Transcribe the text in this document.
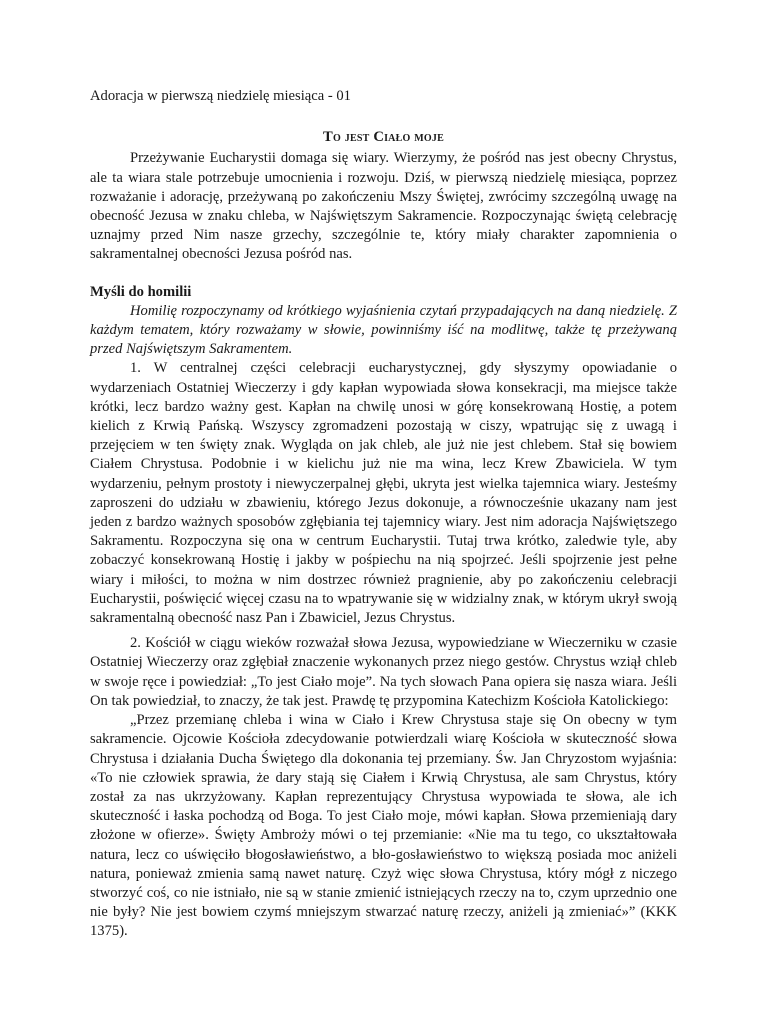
Adoracja w pierwszą niedzielę miesiąca - 01

To jest Ciało moje

Przeżywanie Eucharystii domaga się wiary. Wierzymy, że pośród nas jest obecny Chrystus, ale ta wiara stale potrzebuje umocnienia i rozwoju. Dziś, w pierwszą niedzielę miesiąca, poprzez rozważanie i adorację, przeżywaną po zakończeniu Mszy Świętej, zwrócimy szczególną uwagę na obecność Jezusa w znaku chleba, w Najświętszym Sakramencie. Rozpoczynając świętą celebrację uznajmy przed Nim nasze grzechy, szczególnie te, który miały charakter zapomnienia o sakramentalnej obecności Jezusa pośród nas.

Myśli do homilii

Homilię rozpoczynamy od krótkiego wyjaśnienia czytań przypadających na daną niedzielę. Z każdym tematem, który rozważamy w słowie, powinniśmy iść na modlitwę, także tę przeżywaną przed Najświętszym Sakramentem.

1. W centralnej części celebracji eucharystycznej, gdy słyszymy opowiadanie o wydarzeniach Ostatniej Wieczerzy i gdy kapłan wypowiada słowa konsekracji, ma miejsce także krótki, lecz bardzo ważny gest. Kapłan na chwilę unosi w górę konsekrowaną Hostię, a potem kielich z Krwią Pańską. Wszyscy zgromadzeni pozostają w ciszy, wpatrując się z uwagą i przejęciem w ten święty znak. Wygląda on jak chleb, ale już nie jest chlebem. Stał się bowiem Ciałem Chrystusa. Podobnie i w kielichu już nie ma wina, lecz Krew Zbawiciela. W tym wydarzeniu, pełnym prostoty i niewyczerpalnej głębi, ukryta jest wielka tajemnica wiary. Jesteśmy zaproszeni do udziału w zbawieniu, którego Jezus dokonuje, a równocześnie ukazany nam jest jeden z bardzo ważnych sposobów zgłębiania tej tajemnicy wiary. Jest nim adoracja Najświętszego Sakramentu. Rozpoczyna się ona w centrum Eucharystii. Tutaj trwa krótko, zaledwie tyle, aby zobaczyć konsekrowaną Hostię i jakby w pośpiechu na nią spojrzeć. Jeśli spojrzenie jest pełne wiary i miłości, to można w nim dostrzec również pragnienie, aby po zakończeniu celebracji Eucharystii, poświęcić więcej czasu na to wpatrywanie się w widzialny znak, w którym ukrył swoją sakramentalną obecność nasz Pan i Zbawiciel, Jezus Chrystus.

2. Kościół w ciągu wieków rozważał słowa Jezusa, wypowiedziane w Wieczerniku w czasie Ostatniej Wieczerzy oraz zgłębiał znaczenie wykonanych przez niego gestów. Chrystus wziął chleb w swoje ręce i powiedział: „To jest Ciało moje”. Na tych słowach Pana opiera się nasza wiara. Jeśli On tak powiedział, to znaczy, że tak jest. Prawdę tę przypomina Katechizm Kościoła Katolickiego:

„Przez przemianę chleba i wina w Ciało i Krew Chrystusa staje się On obecny w tym sakramencie. Ojcowie Kościoła zdecydowanie potwierdzali wiarę Kościoła w skuteczność słowa Chrystusa i działania Ducha Świętego dla dokonania tej przemiany. Św. Jan Chryzostom wyjaśnia: «To nie człowiek sprawia, że dary stają się Ciałem i Krwią Chrystusa, ale sam Chrystus, który został za nas ukrzyżowany. Kapłan reprezentujący Chrystusa wypowiada te słowa, ale ich skuteczność i łaska pochodzą od Boga. To jest Ciało moje, mówi kapłan. Słowa przemieniają dary złożone w ofierze». Święty Ambroży mówi o tej przemianie: «Nie ma tu tego, co ukształtowała natura, lecz co uświęciło błogosławieństwo, a bło-gosławieństwo to większą posiada moc aniżeli natura, ponieważ zmienia samą nawet naturę. Czyż więc słowa Chrystusa, który mógł z niczego stworzyć coś, co nie istniało, nie są w stanie zmienić istniejących rzeczy na to, czym uprzednio one nie były? Nie jest bowiem czymś mniejszym stwarzać naturę rzeczy, aniżeli ją zmieniać»” (KKK 1375).
